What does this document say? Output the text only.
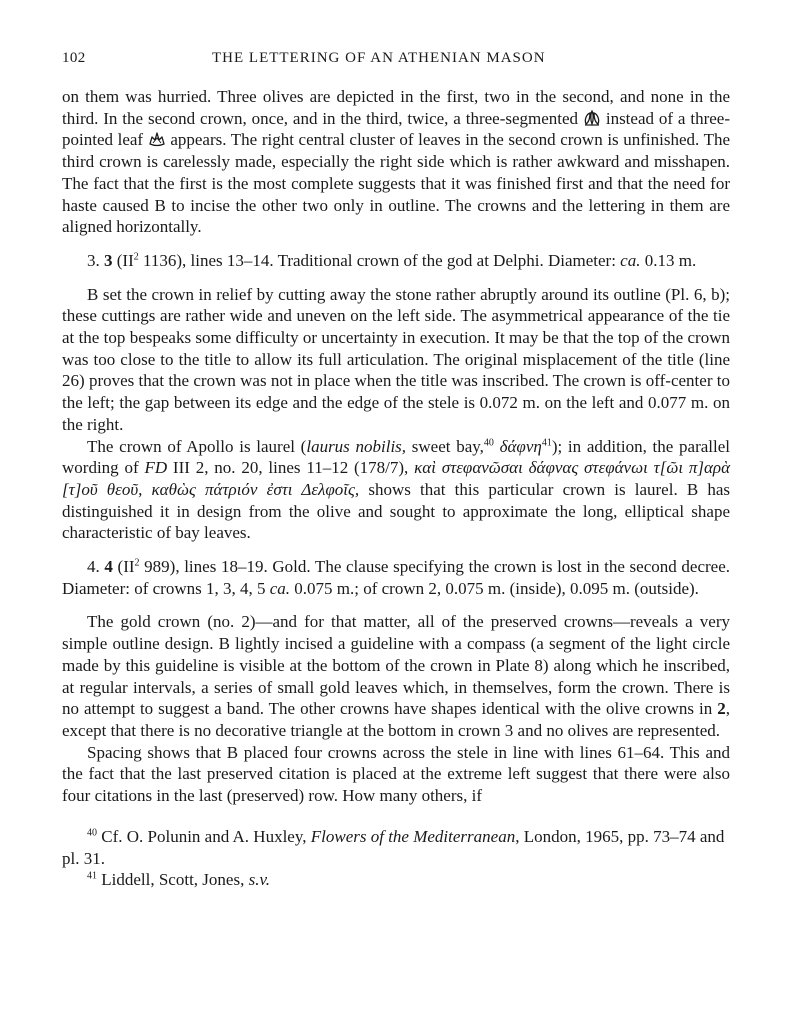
102	THE LETTERING OF AN ATHENIAN MASON

on them was hurried. Three olives are depicted in the first, two in the second, and none in the third. In the second crown, once, and in the third, twice, a three-segmented instead of a three-pointed leaf appears. The right central cluster of leaves in the second crown is unfinished. The third crown is carelessly made, especially the right side which is rather awkward and misshapen. The fact that the first is the most complete suggests that it was finished first and that the need for haste caused B to incise the other two only in outline. The crowns and the lettering in them are aligned horizontally.

3. 3 ($II^2$ 1136), lines 13–14. Traditional crown of the god at Delphi. Diameter: ca. 0.13 m.

B set the crown in relief by cutting away the stone rather abruptly around its outline (Pl. 6, b); these cuttings are rather wide and uneven on the left side. The asymmetrical appearance of the tie at the top bespeaks some difficulty or uncertainty in execution. It may be that the top of the crown was too close to the title to allow its full articulation. The original misplacement of the title (line 26) proves that the crown was not in place when the title was inscribed. The crown is off-center to the left; the gap between its edge and the edge of the stele is 0.072 m. on the left and 0.077 m. on the right.

The crown of Apollo is laurel (laurus nobilis, sweet bay,$^{40}$ δάφνη$^{41}$); in addition, the parallel wording of FD III 2, no. 20, lines 11–12 (178/7), καὶ στεφανῶσαι δάφνας στεφάνωι τ[ῶι π]αρὰ [τ]οῦ θεοῦ, καθὼς πάτριόν ἐστι Δελφοῖς, shows that this particular crown is laurel. B has distinguished it in design from the olive and sought to approximate the long, elliptical shape characteristic of bay leaves.

4. 4 ($II^2$ 989), lines 18–19. Gold. The clause specifying the crown is lost in the second decree. Diameter: of crowns 1, 3, 4, 5 ca. 0.075 m.; of crown 2, 0.075 m. (inside), 0.095 m. (outside).

The gold crown (no. 2)—and for that matter, all of the preserved crowns—reveals a very simple outline design. B lightly incised a guideline with a compass (a segment of the light circle made by this guideline is visible at the bottom of the crown in Plate 8) along which he inscribed, at regular intervals, a series of small gold leaves which, in themselves, form the crown. There is no attempt to suggest a band. The other crowns have shapes identical with the olive crowns in 2, except that there is no decorative triangle at the bottom in crown 3 and no olives are represented.

Spacing shows that B placed four crowns across the stele in line with lines 61–64. This and the fact that the last preserved citation is placed at the extreme left suggest that there were also four citations in the last (preserved) row. How many others, if

$^{40}$ Cf. O. Polunin and A. Huxley, Flowers of the Mediterranean, London, 1965, pp. 73–74 and pl. 31.

$^{41}$ Liddell, Scott, Jones, s.v.
